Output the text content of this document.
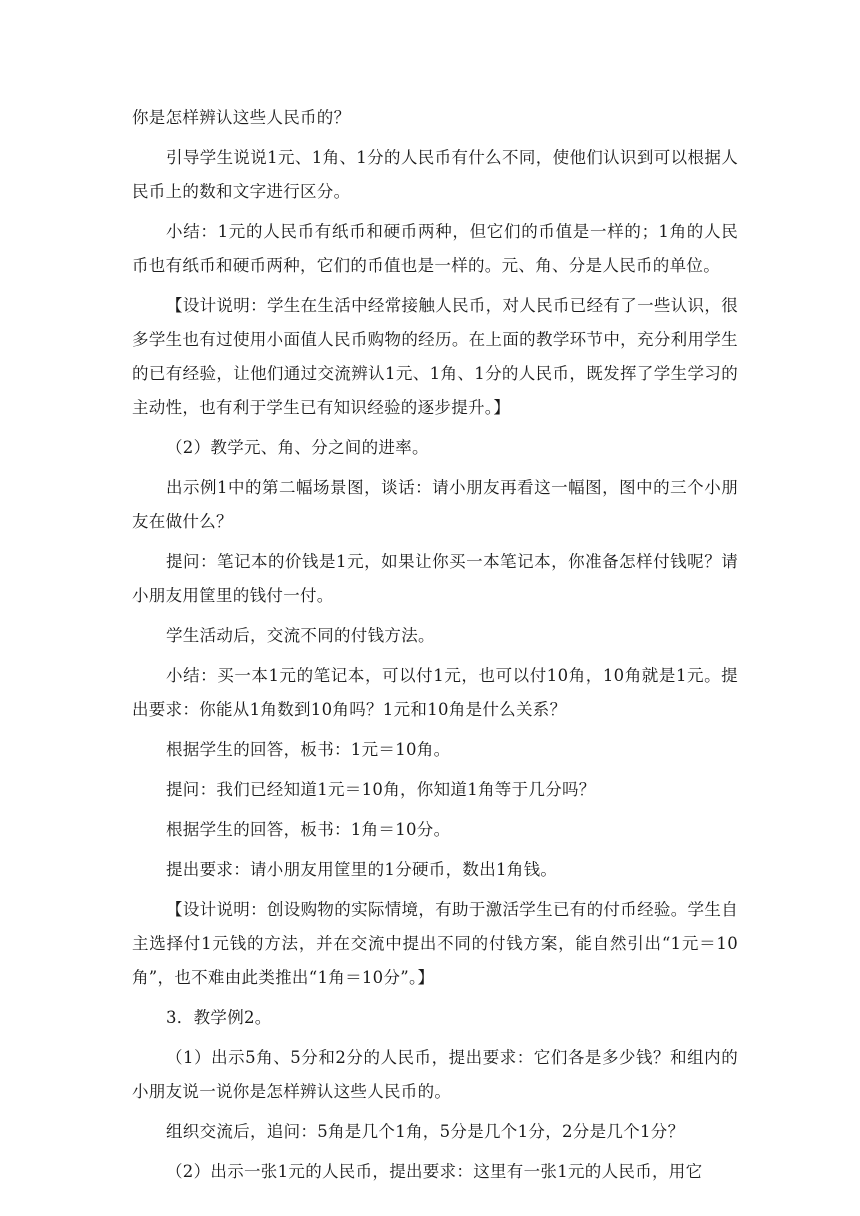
你是怎样辨认这些人民币的？

引导学生说说1元、1角、1分的人民币有什么不同，使他们认识到可以根据人民币上的数和文字进行区分。

小结：1元的人民币有纸币和硬币两种，但它们的币值是一样的；1角的人民币也有纸币和硬币两种，它们的币值也是一样的。元、角、分是人民币的单位。

【设计说明：学生在生活中经常接触人民币，对人民币已经有了一些认识，很多学生也有过使用小面值人民币购物的经历。在上面的教学环节中，充分利用学生的已有经验，让他们通过交流辨认1元、1角、1分的人民币，既发挥了学生学习的主动性，也有利于学生已有知识经验的逐步提升。】

（2）教学元、角、分之间的进率。

出示例1中的第二幅场景图，谈话：请小朋友再看这一幅图，图中的三个小朋友在做什么？

提问：笔记本的价钱是1元，如果让你买一本笔记本，你准备怎样付钱呢？请小朋友用筐里的钱付一付。

学生活动后，交流不同的付钱方法。

小结：买一本1元的笔记本，可以付1元，也可以付10角，10角就是1元。提出要求：你能从1角数到10角吗？1元和10角是什么关系？

根据学生的回答，板书：1元＝10角。

提问：我们已经知道1元＝10角，你知道1角等于几分吗？

根据学生的回答，板书：1角＝10分。

提出要求：请小朋友用筐里的1分硬币，数出1角钱。

【设计说明：创设购物的实际情境，有助于激活学生已有的付币经验。学生自主选择付1元钱的方法，并在交流中提出不同的付钱方案，能自然引出“1元＝10角”，也不难由此类推出“1角＝10分”。】

3．教学例2。

（1）出示5角、5分和2分的人民币，提出要求：它们各是多少钱？和组内的小朋友说一说你是怎样辨认这些人民币的。

组织交流后，追问：5角是几个1角，5分是几个1分，2分是几个1分？

（2）出示一张1元的人民币，提出要求：这里有一张1元的人民币，用它
